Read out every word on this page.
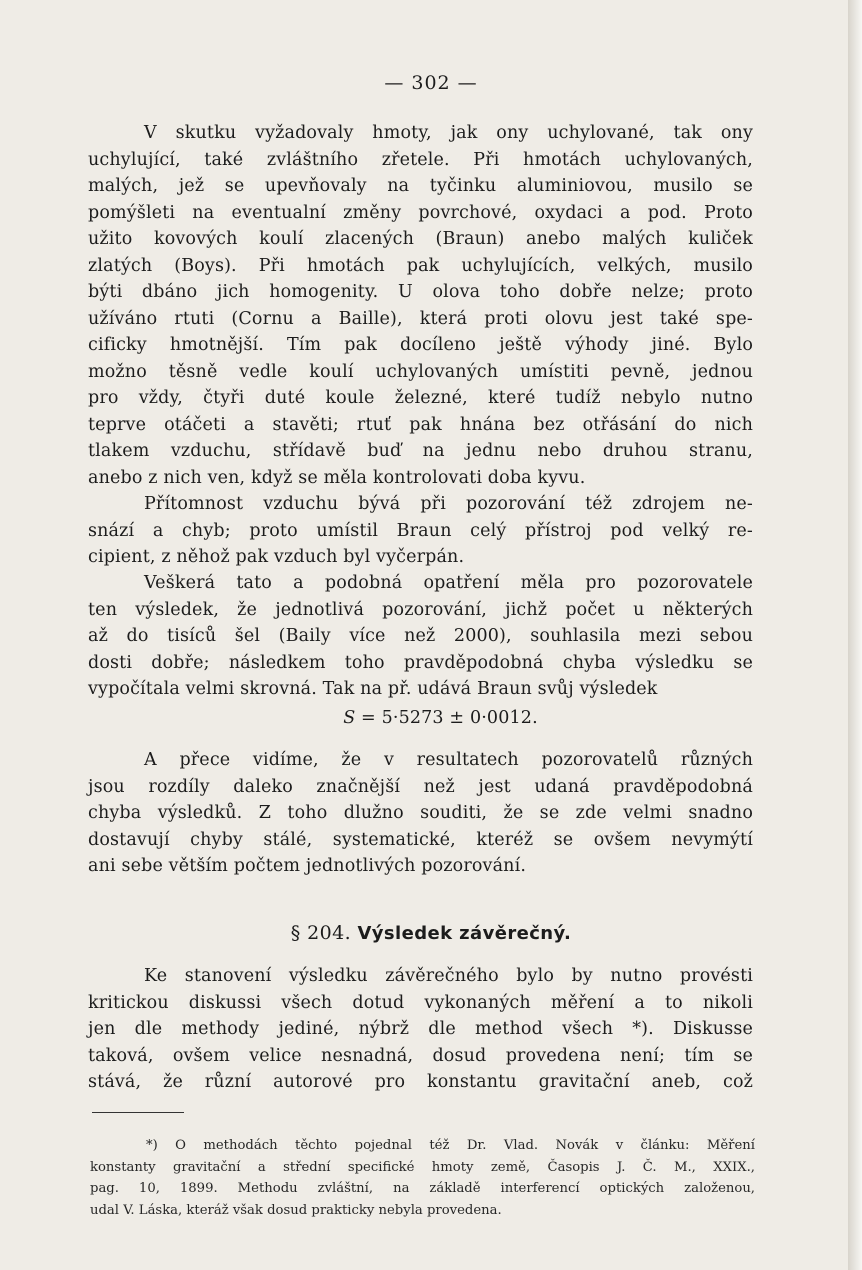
— 302 —

V skutku vyžadovaly hmoty, jak ony uchylované, tak ony
uchylující, také zvláštního zřetele. Při hmotách uchylovaných,
malých, jež se upevňovaly na tyčinku aluminiovou, musilo se
pomýšleti na eventualní změny povrchové, oxydaci a pod. Proto
užito kovových koulí zlacených (Braun) anebo malých kuliček
zlatých (Boys). Při hmotách pak uchylujících, velkých, musilo
býti dbáno jich homogenity. U olova toho dobře nelze; proto
užíváno rtuti (Cornu a Baille), která proti olovu jest také spe-
cificky hmotnější. Tím pak docíleno ještě výhody jiné. Bylo
možno těsně vedle koulí uchylovaných umístiti pevně, jednou
pro vždy, čtyři duté koule železné, které tudíž nebylo nutno
teprve otáčeti a stavěti; rtuť pak hnána bez otřásání do nich
tlakem vzduchu, střídavě buď na jednu nebo druhou stranu,
anebo z nich ven, když se měla kontrolovati doba kyvu.

Přítomnost vzduchu bývá při pozorování též zdrojem ne-
snází a chyb; proto umístil Braun celý přístroj pod velký re-
cipient, z něhož pak vzduch byl vyčerpán.

Veškerá tato a podobná opatření měla pro pozorovatele
ten výsledek, že jednotlivá pozorování, jichž počet u některých
až do tisíců šel (Baily více než 2000), souhlasila mezi sebou
dosti dobře; následkem toho pravděpodobná chyba výsledku se
vypočítala velmi skrovná. Tak na př. udává Braun svůj výsledek

S = 5·5273 ± 0·0012.

A přece vidíme, že v resultatech pozorovatelů různých
jsou rozdíly daleko značnější než jest udaná pravděpodobná
chyba výsledků. Z toho dlužno souditi, že se zde velmi snadno
dostavují chyby stálé, systematické, kteréž se ovšem nevymýtí
ani sebe větším počtem jednotlivých pozorování.

§ 204. Výsledek závěrečný.

Ke stanovení výsledku závěrečného bylo by nutno provésti
kritickou diskussi všech dotud vykonaných měření a to nikoli
jen dle methody jediné, nýbrž dle method všech *). Diskusse
taková, ovšem velice nesnadná, dosud provedena není; tím se
stává, že různí autorové pro konstantu gravitační aneb, což

*) O methodách těchto pojednal též Dr. Vlad. Novák v článku: Měření
konstanty gravitační a střední specifické hmoty země, Časopis J. Č. M., XXIX.,
pag. 10, 1899. Methodu zvláštní, na základě interferencí optických založenou,
udal V. Láska, kteráž však dosud prakticky nebyla provedena.
